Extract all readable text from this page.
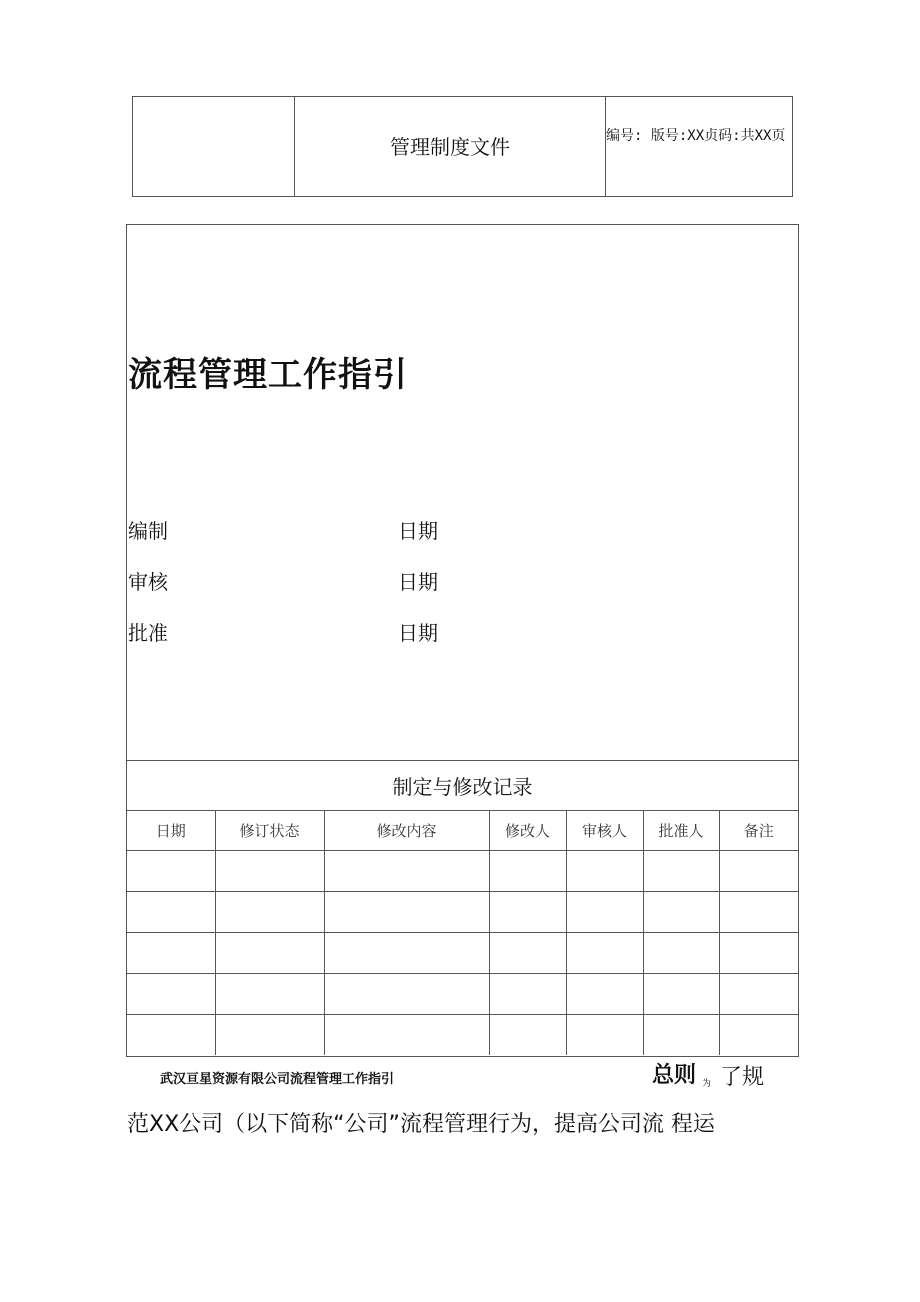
管理制度文件	编号: 版号:XX贞码:共XX页
流程管理工作指引
编制	日期
审核	日期
批准	日期
制定与修改记录
日期	修订状态	修改内容	修改人	审核人	批准人	备注

武汉亘星资源有限公司流程管理工作指引	总则 为 了规
范XX公司（以下简称“公司”流程管理行为，提高公司流 程运
